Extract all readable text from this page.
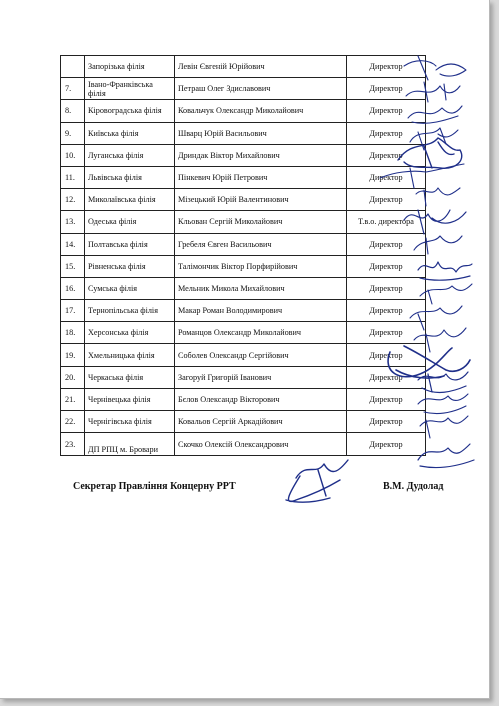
	Запорізька філія	Левін Євгеній Юрійович	Директор
7.	Івано-Франківська філія	Петраш Олег Здиславович	Директор
8.	Кіровоградська філія	Ковальчук Олександр Миколайович	Директор
9.	Київська філія	Шварц Юрій Васильович	Директор
10.	Луганська філія	Дриндак Віктор Михайлович	Директор
11.	Львівська філія	Пінкевич Юрій Петрович	Директор
12.	Миколаївська філія	Мізецький Юрій Валентинович	Директор
13.	Одеська філія	Кльован Сергій Миколайович	Т.в.о. директора
14.	Полтавська філія	Гребеля Євген Васильович	Директор
15.	Рівненська філія	Талімончик Віктор Порфирійович	Директор
16.	Сумська філія	Мельник Микола Михайлович	Директор
17.	Тернопільська філія	Макар Роман Володимирович	Директор
18.	Херсонська філія	Романцов Олександр Миколайович	Директор
19.	Хмельницька філія	Соболев Олександр Сергійович	Директор
20.	Черкаська філія	Загоруй Григорій Іванович	Директор
21.	Чернівецька філія	Бєлов Олександр Вікторович	Директор
22.	Чернігівська філія	Ковальов Сергій Аркадійович	Директор
23.	ДП РПЦ м. Бровари	Скочко Олексій Олександрович	Директор
Секретар Правління Концерну РРТ	В.М. Дудолад
